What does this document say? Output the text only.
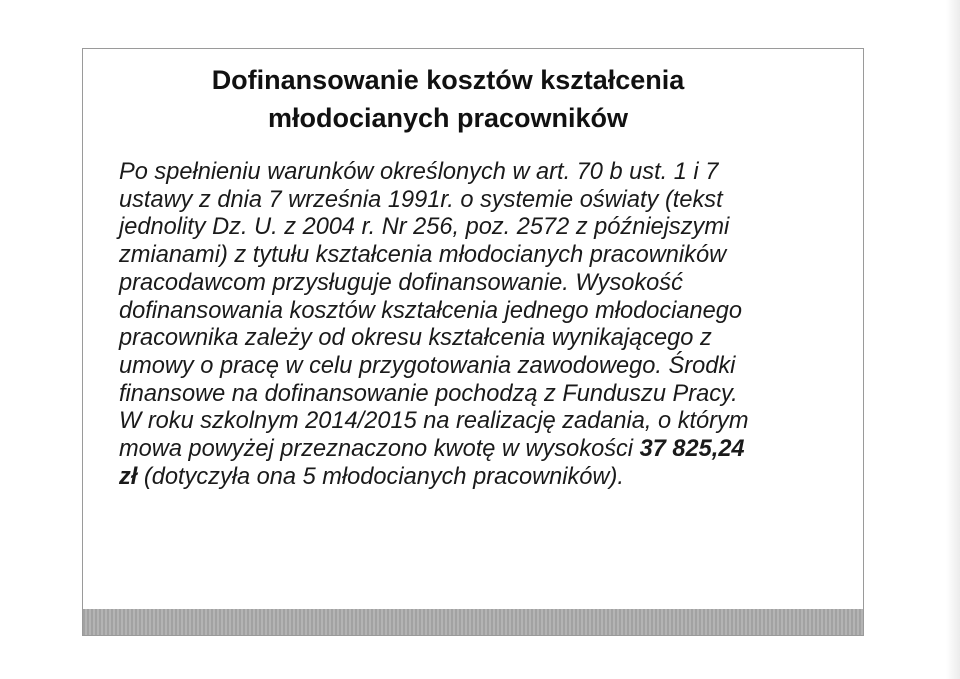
Dofinansowanie kosztów kształcenia
młodocianych pracowników

Po spełnieniu warunków określonych w art. 70 b ust. 1 i 7
ustawy z dnia 7 września 1991r. o systemie oświaty (tekst
jednolity Dz. U. z 2004 r. Nr 256, poz. 2572 z późniejszymi
zmianami) z tytułu kształcenia młodocianych pracowników
pracodawcom przysługuje dofinansowanie. Wysokość
dofinansowania kosztów kształcenia jednego młodocianego
pracownika zależy od okresu kształcenia wynikającego z
umowy o pracę w celu przygotowania zawodowego. Środki
finansowe na dofinansowanie pochodzą z Funduszu Pracy.
W roku szkolnym 2014/2015 na realizację zadania, o którym
mowa powyżej przeznaczono kwotę w wysokości 37 825,24
zł (dotyczyła ona 5 młodocianych pracowników).
